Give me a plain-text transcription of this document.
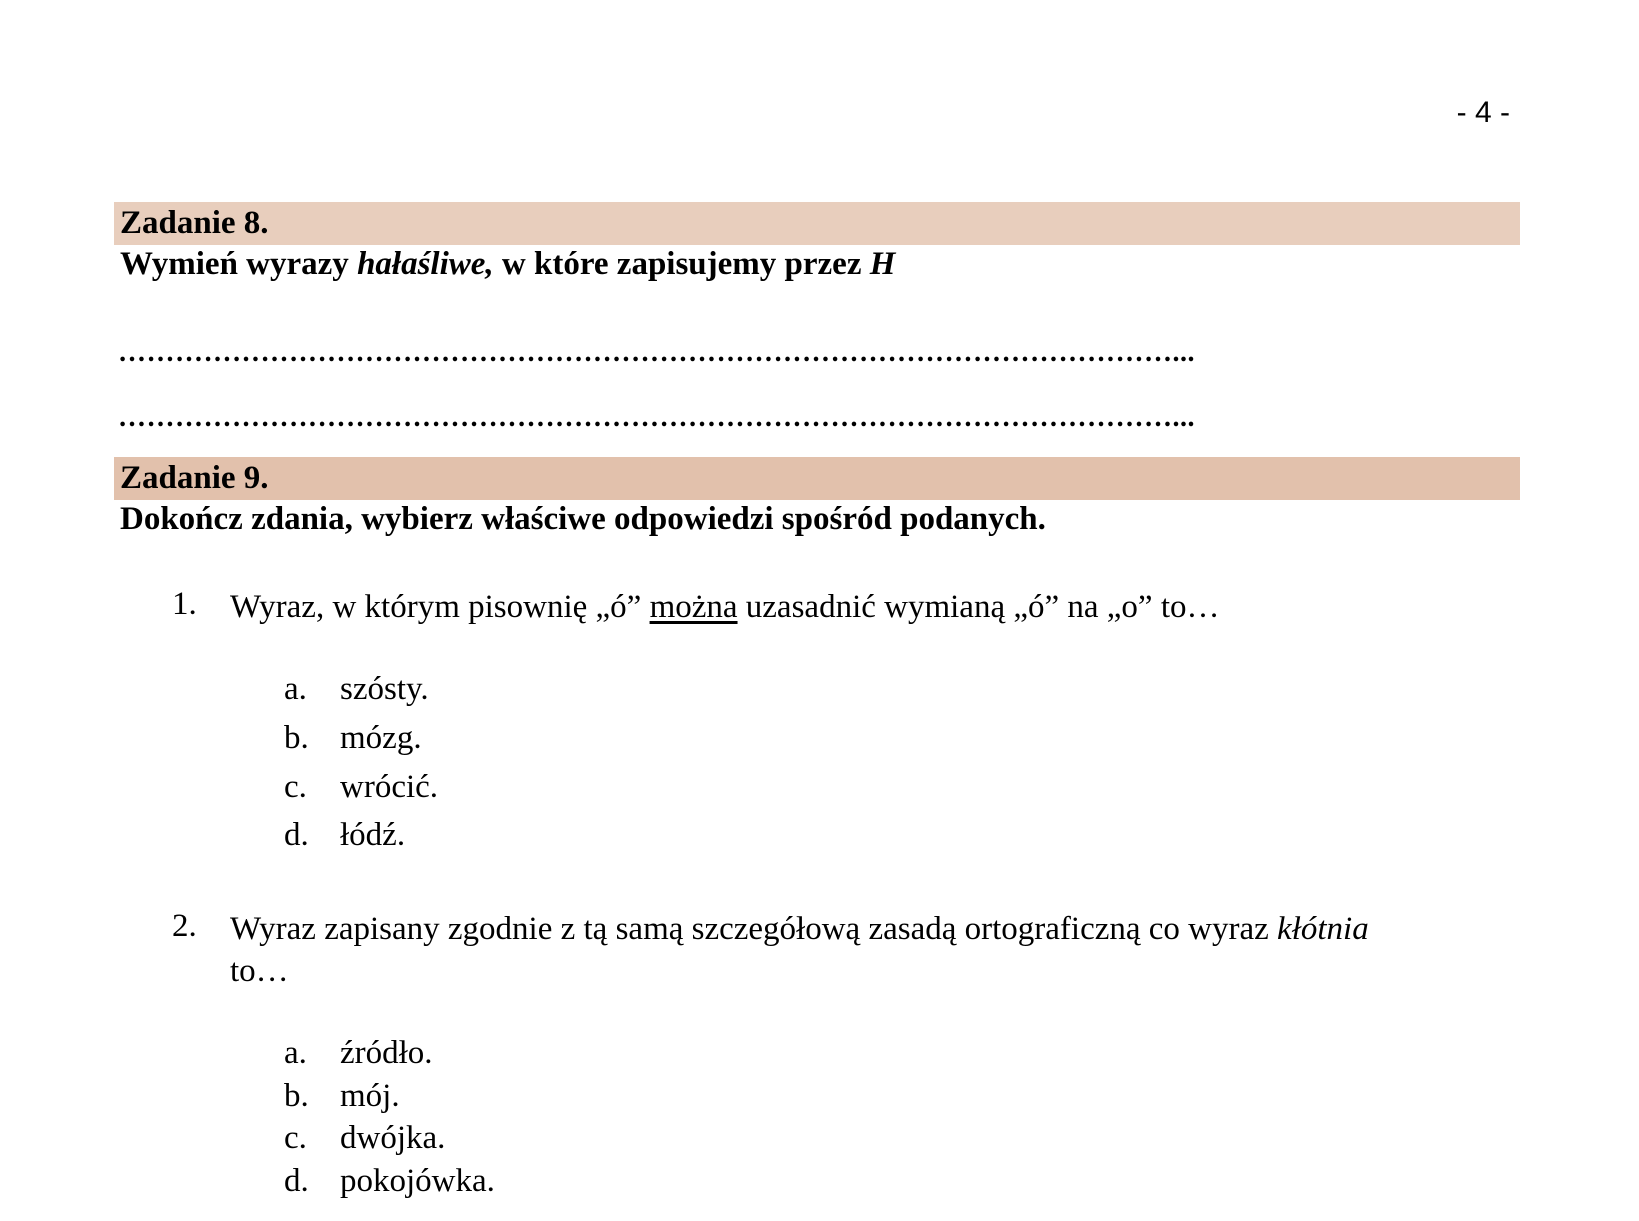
- 4 -
Zadanie 8.
Wymień wyrazy hałaśliwe, w które zapisujemy przez H
…………………………………………………………………………………………………...
…………………………………………………………………………………………………...
Zadanie 9.
Dokończ zdania, wybierz właściwe odpowiedzi spośród podanych.
1. Wyraz, w którym pisownię „ó” można uzasadnić wymianą „ó” na „o” to…
a. szósty.
b. mózg.
c. wrócić.
d. łódź.
2. Wyraz zapisany zgodnie z tą samą szczegółową zasadą ortograficzną co wyraz kłótnia
to…
a. źródło.
b. mój.
c. dwójka.
d. pokojówka.
